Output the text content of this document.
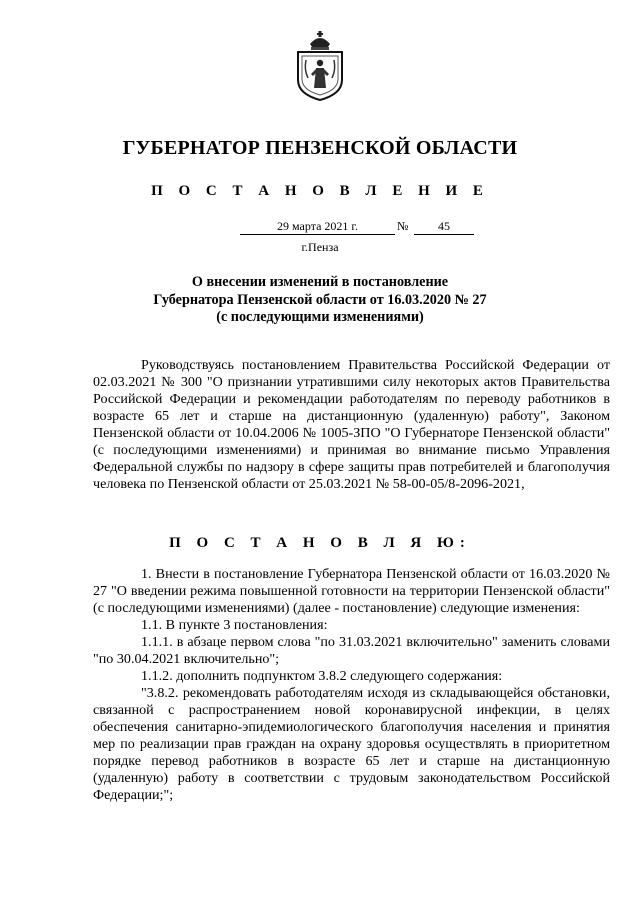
ГУБЕРНАТОР ПЕНЗЕНСКОЙ ОБЛАСТИ
П О С Т А Н О В Л Е Н И Е
29 марта 2021 г.	№	45
г.Пенза
О внесении изменений в постановление
Губернатора Пензенской области от 16.03.2020 № 27
(с последующими изменениями)
Руководствуясь постановлением Правительства Российской Федерации от 02.03.2021 № 300 "О признании утратившими силу некоторых актов Правительства Российской Федерации и рекомендации работодателям по переводу работников в возрасте 65 лет и старше на дистанционную (удаленную) работу", Законом Пензенской области от 10.04.2006 № 1005-ЗПО "О Губернаторе Пензенской области" (с последующими изменениями) и принимая во внимание письмо Управления Федеральной службы по надзору в сфере защиты прав потребителей и благополучия человека по Пензенской области от 25.03.2021 № 58-00-05/8-2096-2021,
П О С Т А Н О В Л Я Ю:
1. Внести в постановление Губернатора Пензенской области от 16.03.2020 № 27 "О введении режима повышенной готовности на территории Пензенской области" (с последующими изменениями) (далее - постановление) следующие изменения:
1.1. В пункте 3 постановления:
1.1.1. в абзаце первом слова "по 31.03.2021 включительно" заменить словами "по 30.04.2021 включительно";
1.1.2. дополнить подпунктом 3.8.2 следующего содержания:
"3.8.2. рекомендовать работодателям исходя из складывающейся обстановки, связанной с распространением новой коронавирусной инфекции, в целях обеспечения санитарно-эпидемиологического благополучия населения и принятия мер по реализации прав граждан на охрану здоровья осуществлять в приоритетном порядке перевод работников в возрасте 65 лет и старше на дистанционную (удаленную) работу в соответствии с трудовым законодательством Российской Федерации;";
